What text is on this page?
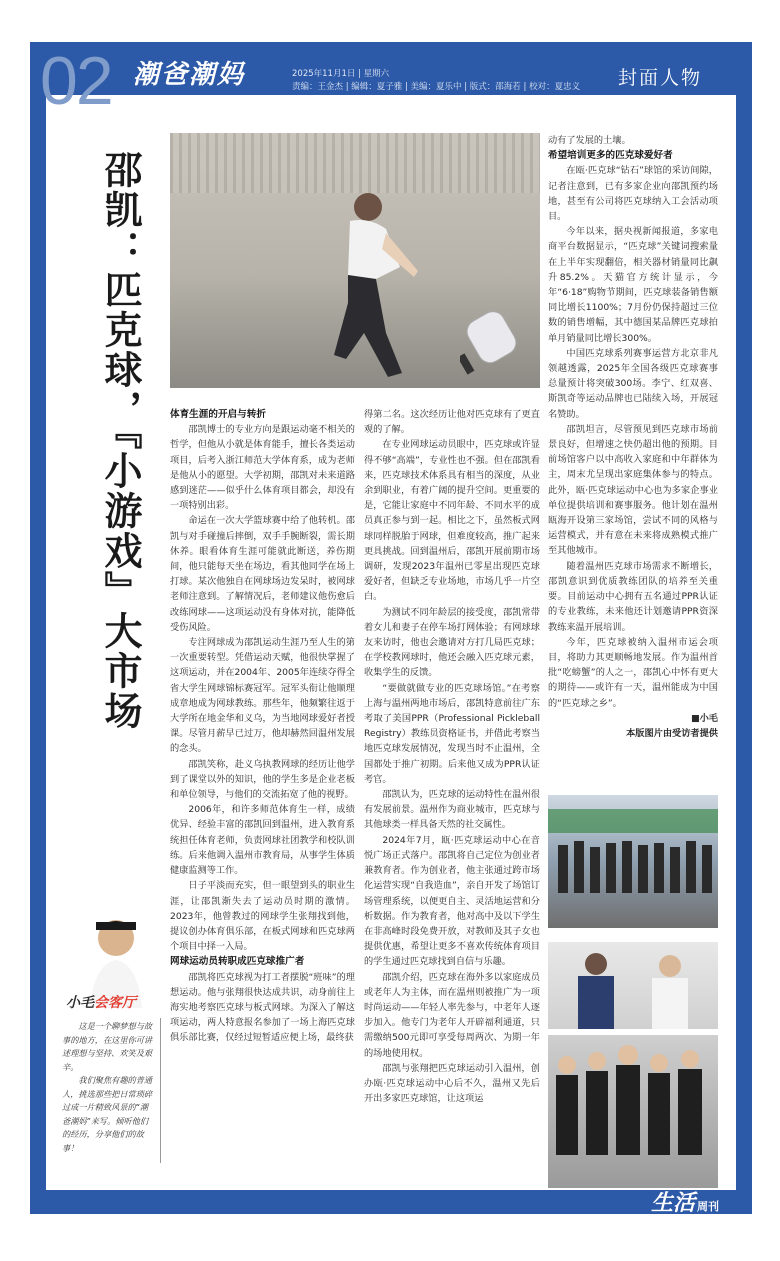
02 潮爸潮妈	2025年11月1日 | 星期六
责编：王金杰 | 编辑：夏子雅 | 美编：夏乐中 | 版式：邵海若 | 校对：夏忠义 封面人物
邵凯：匹克球，『小游戏』大市场	体育生涯的开启与转折

邵凯博士的专业方向是跟运动毫不相关的哲学，但他从小就是体育能手，擅长各类运动项目，后考入浙江师范大学体育系，成为老师是他从小的愿望。大学初期，邵凯对未来道路感到迷茫——似乎什么体育项目都会，却没有一项特别出彩。

命运在一次大学篮球赛中给了他转机。邵凯与对手碰撞后摔倒，双手手腕断裂，需长期休养。眼看体育生涯可能就此断送，养伤期间，他只能每天坐在场边，看其他同学在场上打球。某次他独自在网球场边发呆时，被网球老师注意到。了解情况后，老师建议他伤愈后改练网球——这项运动没有身体对抗，能降低受伤风险。

专注网球成为邵凯运动生涯乃至人生的第一次重要转型。凭借运动天赋，他很快掌握了这项运动，并在2004年、2005年连续夺得全省大学生网球锦标赛冠军。冠军头衔让他顺理成章地成为网球教练。那些年，他频繁往返于大学所在地金华和义乌，为当地网球爱好者授课。尽管月薪早已过万，他却赫然回温州发展的念头。

邵凯笑称，赴义乌执教网球的经历让他学到了课堂以外的知识，他的学生多是企业老板和单位领导，与他们的交流拓宽了他的视野。

2006年，和许多师范体育生一样，成绩优异、经验丰富的邵凯回到温州，进入教育系统担任体育老师，负责网球社团教学和校队训练。后来他调入温州市教育局，从事学生体质健康监测等工作。

日子平淡而充实，但一眼望到头的职业生涯，让邵凯渐失去了运动员时期的激情。2023年，他曾教过的网球学生张翔找到他，提议创办体育俱乐部，在板式网球和匹克球两个项目中择一入局。

网球运动员转职成匹克球推广者

邵凯将匹克球视为打工者摆脱“班味”的理想运动。他与张翔很快达成共识，动身前往上海实地考察匹克球与板式网球。为深入了解这项运动，两人特意报名参加了一场上海匹克球俱乐部比赛，仅经过短暂适应便上场，最终获

得第二名。这次经历让他对匹克球有了更直观的了解。

在专业网球运动员眼中，匹克球或许显得不够“高端”，专业性也不强。但在邵凯看来，匹克球技术体系具有相当的深度，从业余到职业，有着广阔的提升空间。更重要的是，它能让家庭中不同年龄、不同水平的成员真正参与到一起。相比之下，虽然板式网球同样脱胎于网球，但难度较高，推广起来更具挑战。回到温州后，邵凯开展前期市场调研，发现2023年温州已零星出现匹克球爱好者，但缺乏专业场地，市场几乎一片空白。

为测试不同年龄层的接受度，邵凯常带着女儿和妻子在停车场打网体验；有网球球友来访时，他也会邀请对方打几局匹克球；在学校教网球时，他还会融入匹克球元素，收集学生的反馈。

“要做就做专业的匹克球场馆。”在考察上海与温州两地市场后，邵凯特意前往广东考取了美国PPR（Professional Pickleball Registry）教练员资格证书，并借此考察当地匹克球发展情况，发现当时不止温州，全国都处于推广初期。后来他又成为PPR认证考官。

邵凯认为，匹克球的运动特性在温州很有发展前景。温州作为商业城市，匹克球与其他球类一样具备天然的社交属性。

2024年7月，瓯·匹克球运动中心在音悦广场正式落户。邵凯将自己定位为创业者兼教育者。作为创业者，他主张通过跨市场化运营实现“自我造血”，亲自开发了场馆订场管理系统，以便更自主、灵活地运营和分析数据。作为教育者，他对高中及以下学生在非高峰时段免费开放，对教师及其子女也提供优惠，希望让更多不喜欢传统体育项目的学生通过匹克球找到自信与乐趣。

邵凯介绍，匹克球在海外多以家庭成员或老年人为主体，而在温州则被推广为一项时尚运动——年轻人率先参与，中老年人逐步加入。他专门为老年人开辟福利通道，只需缴纳500元即可享受每周两次、为期一年的场地使用权。

邵凯与张翔把匹克球运动引入温州，创办瓯·匹克球运动中心后不久，温州又先后开出多家匹克球馆，让这项运

动有了发展的土壤。

希望培训更多的匹克球爱好者

在瓯·匹克球“钻石”球馆的采访间隙，记者注意到，已有多家企业向邵凯预约场地，甚至有公司将匹克球纳入工会活动项目。

今年以来，据央视新闻报道，多家电商平台数据显示，“匹克球”关键词搜索量在上半年实现翻倍，相关器材销量同比飙升85.2%。天猫官方统计显示，今年“6·18”购物节期间，匹克球装备销售额同比增长1100%；7月份仍保持超过三位数的销售增幅，其中德国某品牌匹克球拍单月销量同比增长300%。

中国匹克球系列赛事运营方北京非凡领越透露，2025年全国各级匹克球赛事总量预计将突破300场。李宁、红双喜、斯凯奇等运动品牌也已陆续入场，开展冠名赞助。

邵凯坦言，尽管预见到匹克球市场前景良好，但增速之快仍超出他的预期。目前场馆客户以中高收入家庭和中年群体为主，周末尤呈现出家庭集体参与的特点。此外，瓯·匹克球运动中心也为多家企事业单位提供培训和赛事服务。他计划在温州瓯海开设第三家场馆，尝试不同的风格与运营模式，并有意在未来将成熟模式推广至其他城市。

随着温州匹克球市场需求不断增长，邵凯意识到优质教练团队的培养至关重要。目前运动中心拥有五名通过PPR认证的专业教练，未来他还计划邀请PPR资深教练来温开展培训。

今年，匹克球被纳入温州市运会项目，将助力其更顺畅地发展。作为温州首批“吃螃蟹”的人之一，邵凯心中怀有更大的期待——或许有一天，温州能成为中国的“匹克球之乡”。

■小毛

本版图片由受访者提供

小毛会客厅

这是一个聊梦想与故事的地方，在这里你可讲述理想与坚持、欢笑及艰辛。

我们聚焦有趣的普通人，挑选那些把日常琐碎过成一片精致风景的“潮爸潮妈”来写。倾听他们的经历，分享他们的故事！

生活 周刊
